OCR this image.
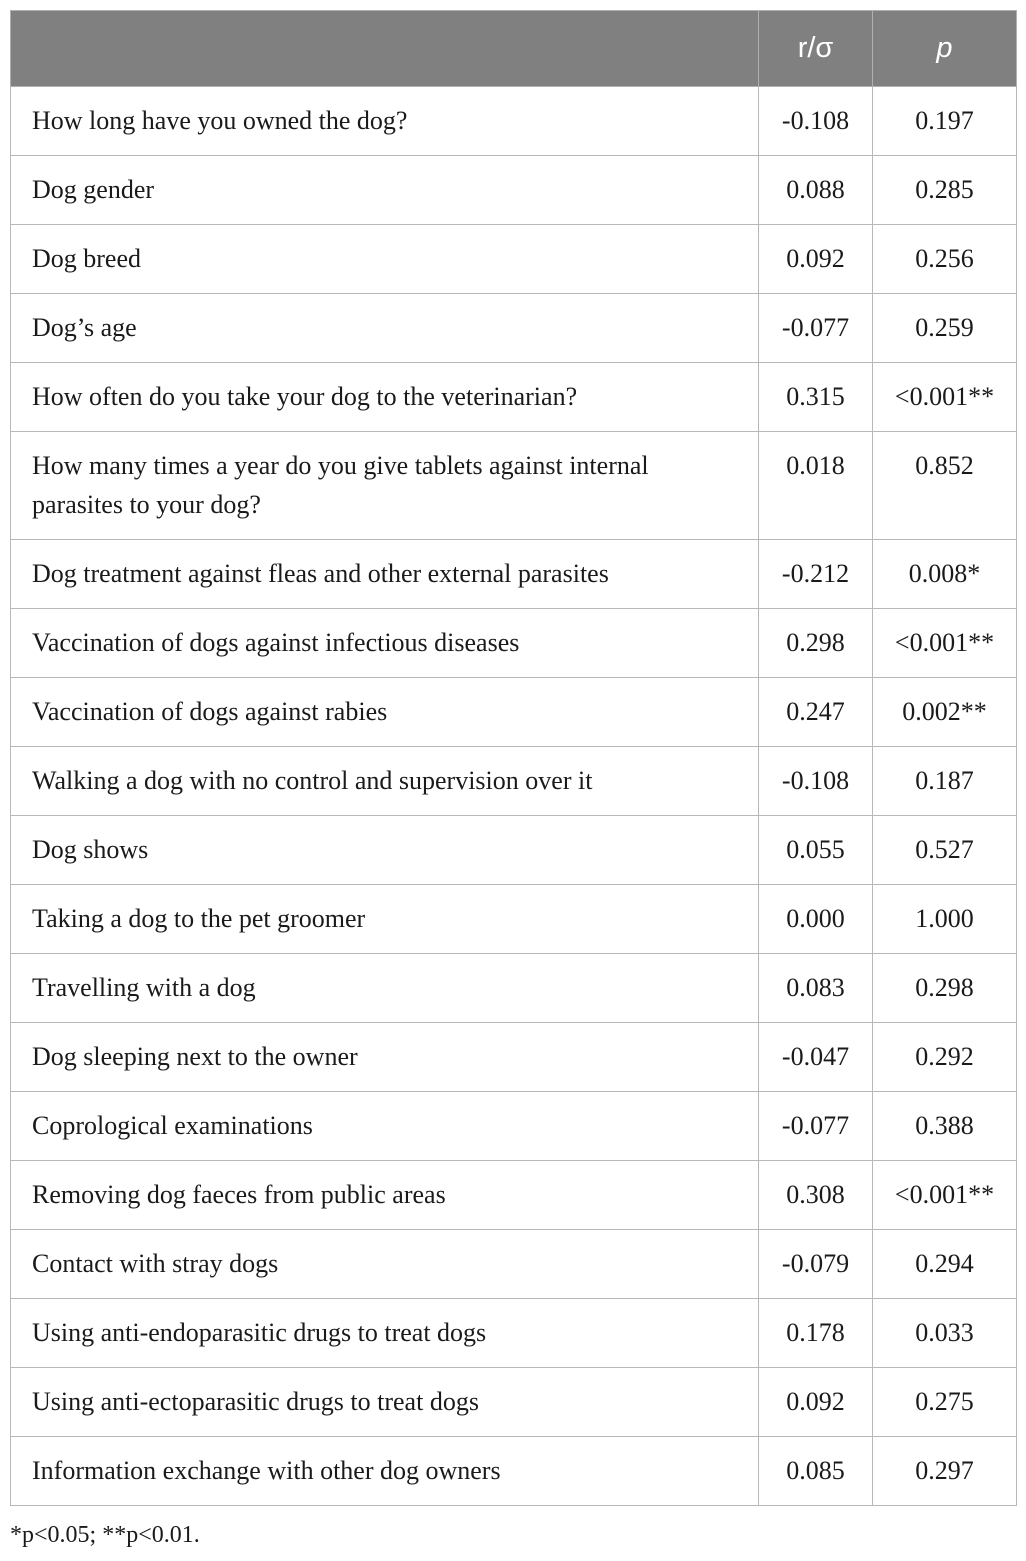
	r/σ	p
How long have you owned the dog?	-0.108	0.197
Dog gender	0.088	0.285
Dog breed	0.092	0.256
Dog’s age	-0.077	0.259
How often do you take your dog to the veterinarian?	0.315	<0.001**
How many times a year do you give tablets against internal parasites to your dog?	0.018	0.852
Dog treatment against fleas and other external parasites	-0.212	0.008*
Vaccination of dogs against infectious diseases	0.298	<0.001**
Vaccination of dogs against rabies	0.247	0.002**
Walking a dog with no control and supervision over it	-0.108	0.187
Dog shows	0.055	0.527
Taking a dog to the pet groomer	0.000	1.000
Travelling with a dog	0.083	0.298
Dog sleeping next to the owner	-0.047	0.292
Coprological examinations	-0.077	0.388
Removing dog faeces from public areas	0.308	<0.001**
Contact with stray dogs	-0.079	0.294
Using anti-endoparasitic drugs to treat dogs	0.178	0.033
Using anti-ectoparasitic drugs to treat dogs	0.092	0.275
Information exchange with other dog owners	0.085	0.297
*p<0.05; **p<0.01.
